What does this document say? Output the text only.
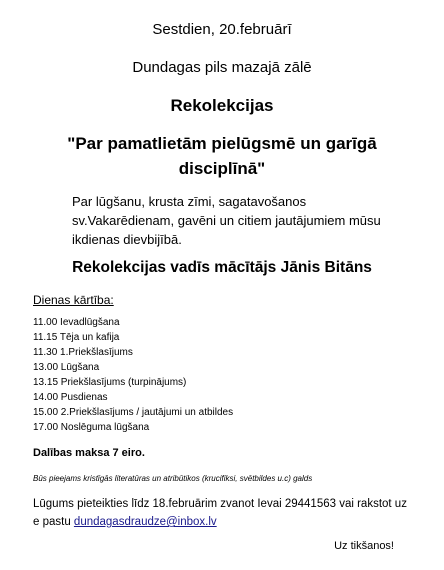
Sestdien, 20.februārī
Dundagas pils mazajā zālē
Rekolekcijas
"Par pamatlietām pielūgsmē un garīgā disciplīnā"
Par lūgšanu, krusta zīmi, sagatavošanos sv.Vakarēdienam, gavēni un citiem jautājumiem mūsu ikdienas dievbijībā.
Rekolekcijas vadīs mācītājs Jānis Bitāns
Dienas kārtība:
11.00 Ievadlūgšana
11.15 Tēja un kafija
11.30 1.Priekšlasījums
13.00 Lūgšana
13.15 Priekšlasījums (turpinājums)
14.00 Pusdienas
15.00 2.Priekšlasījums / jautājumi un atbildes
17.00 Noslēguma lūgšana
Dalības maksa 7 eiro.
Būs pieejams kristīgās literatūras un atribūtikos (krucifiksi, svētbildes u.c) galds
Lūgums pieteikties līdz 18.februārim zvanot Ievai 29441563 vai rakstot uz e pastu dundagasdraudze@inbox.lv
Uz tikšanos!
